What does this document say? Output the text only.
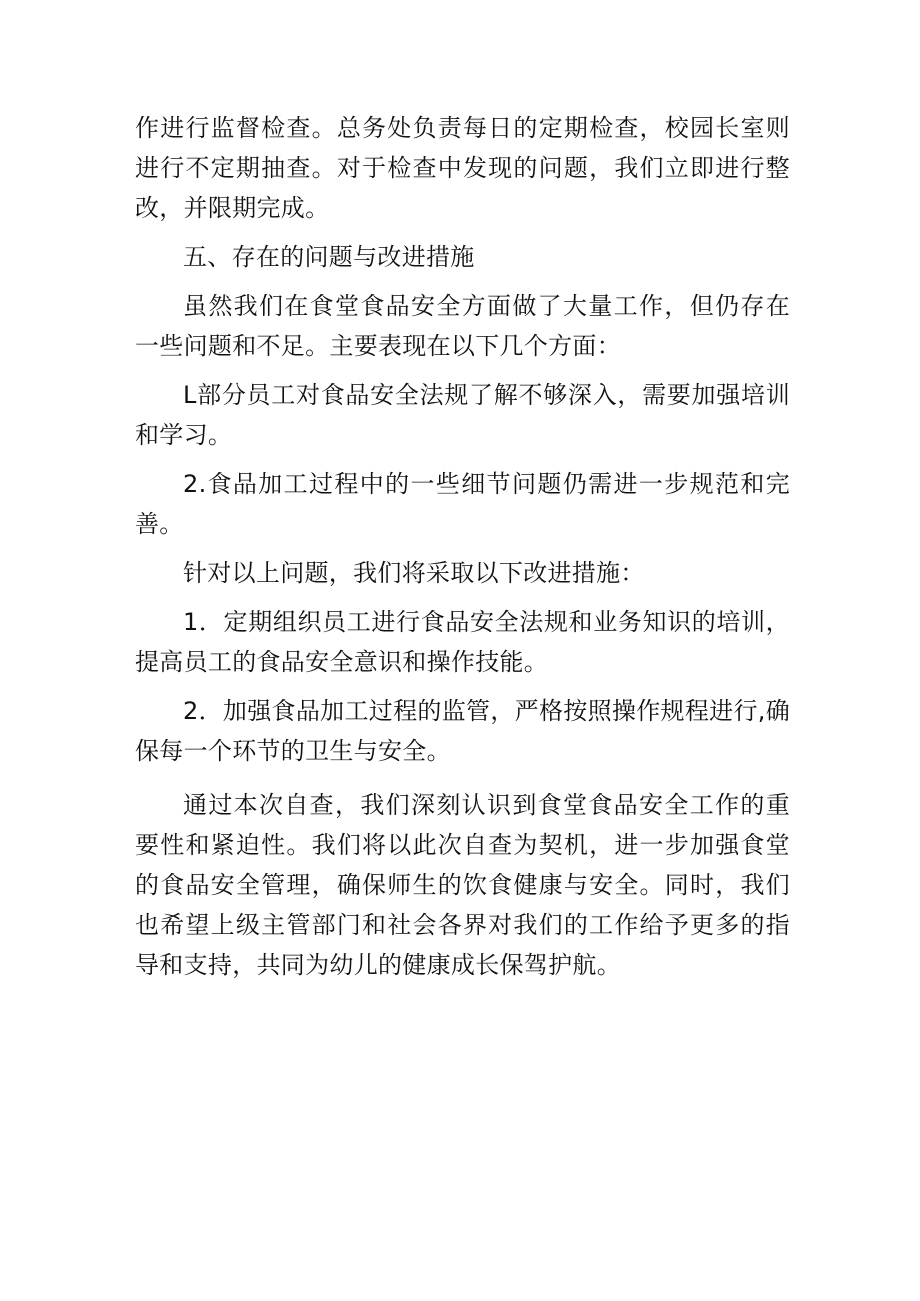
作进行监督检查。总务处负责每日的定期检查，校园长室则进行不定期抽查。对于检查中发现的问题，我们立即进行整改，并限期完成。

五、存在的问题与改进措施

虽然我们在食堂食品安全方面做了大量工作，但仍存在一些问题和不足。主要表现在以下几个方面：

L部分员工对食品安全法规了解不够深入，需要加强培训和学习。

2.食品加工过程中的一些细节问题仍需进一步规范和完善。

针对以上问题，我们将采取以下改进措施：

1．定期组织员工进行食品安全法规和业务知识的培训，提高员工的食品安全意识和操作技能。

2．加强食品加工过程的监管，严格按照操作规程进行,确保每一个环节的卫生与安全。

通过本次自查，我们深刻认识到食堂食品安全工作的重要性和紧迫性。我们将以此次自查为契机，进一步加强食堂的食品安全管理，确保师生的饮食健康与安全。同时，我们也希望上级主管部门和社会各界对我们的工作给予更多的指导和支持，共同为幼儿的健康成长保驾护航。
